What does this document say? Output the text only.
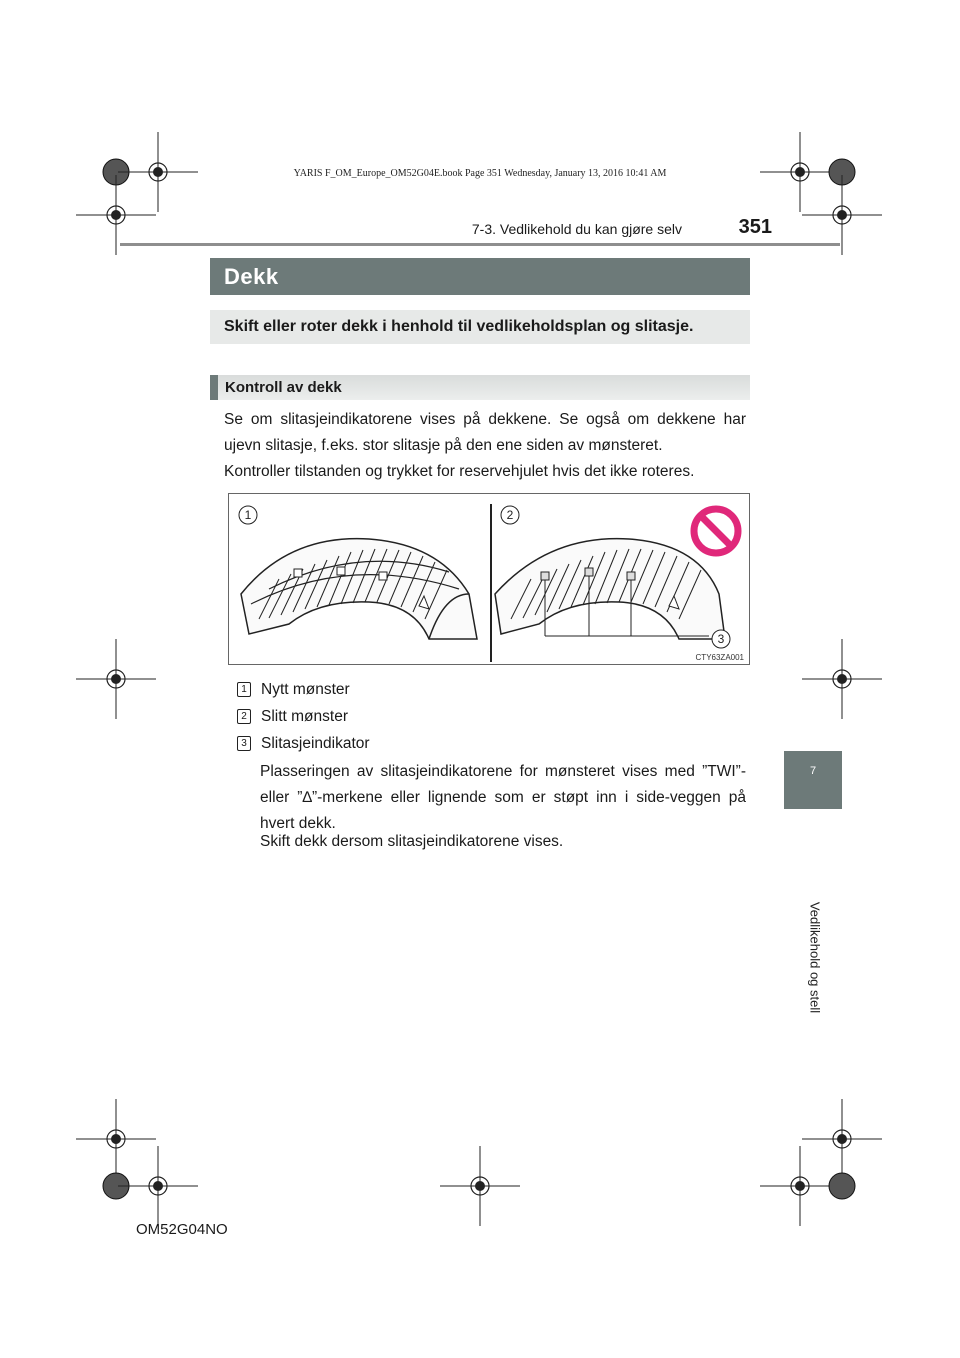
YARIS F_OM_Europe_OM52G04E.book Page 351 Wednesday, January 13, 2016 10:41 AM
7-3. Vedlikehold du kan gjøre selv	351
Dekk
Skift eller roter dekk i henhold til vedlikeholdsplan og slitasje.
Kontroll av dekk
Se om slitasjeindikatorene vises på dekkene. Se også om dekkene har ujevn slitasje, f.eks. stor slitasje på den ene siden av mønsteret.
Kontroller tilstanden og trykket for reservehjulet hvis det ikke roteres.
1	2
3
CTY63ZA001
1 Nytt mønster
2 Slitt mønster
3 Slitasjeindikator
Plasseringen av slitasjeindikatorene for mønsteret vises med ”TWI”- eller ”∆”-merkene eller lignende som er støpt inn i side-veggen på hvert dekk.
Skift dekk dersom slitasjeindikatorene vises.
7
Vedlikehold og stell
OM52G04NO
